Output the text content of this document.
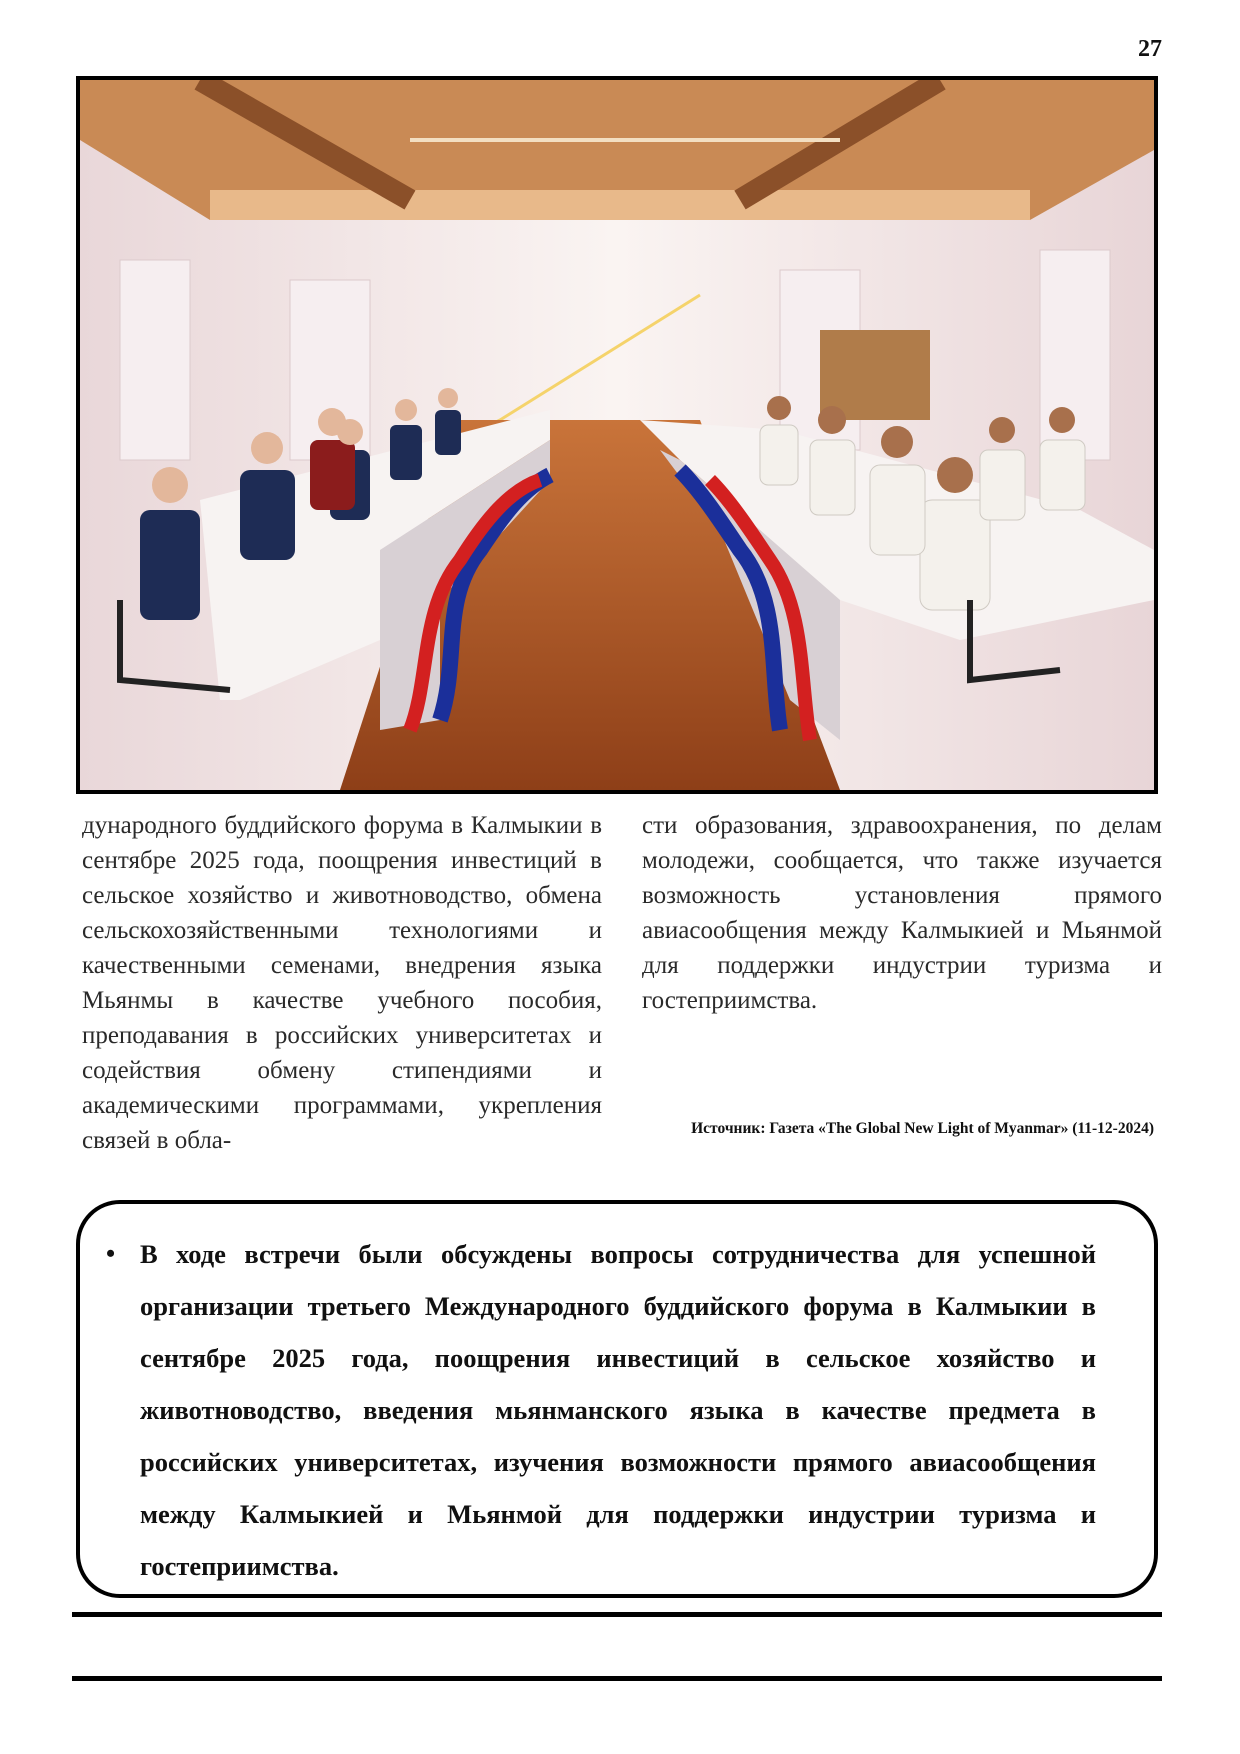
27

дународного буддийского форума в Калмыкии в сентябре 2025 года, поощрения инвестиций в сельское хозяйство и животноводство, обмена сельскохозяйственными технологиями и качественными семенами, внедрения языка Мьянмы в качестве учебного пособия, преподавания в российских университетах и содействия обмену стипендиями и академическими программами, укрепления связей в обла-

сти образования, здравоохранения, по делам молодежи, сообщается, что также изучается возможность установления прямого авиасообщения между Калмыкией и Мьянмой для поддержки индустрии туризма и гостеприимства.

Источник: Газета «The Global New Light of Myanmar» (11-12-2024)
• В ходе встречи были обсуждены вопросы сотрудничества для успешной организации третьего Международного буддийского форума в Калмыкии в сентябре 2025 года, поощрения инвестиций в сельское хозяйство и животноводство, введения мьянманского языка в качестве предмета в российских университетах, изучения возможности прямого авиасообщения между Калмыкией и Мьянмой для поддержки индустрии туризма и гостеприимства.
